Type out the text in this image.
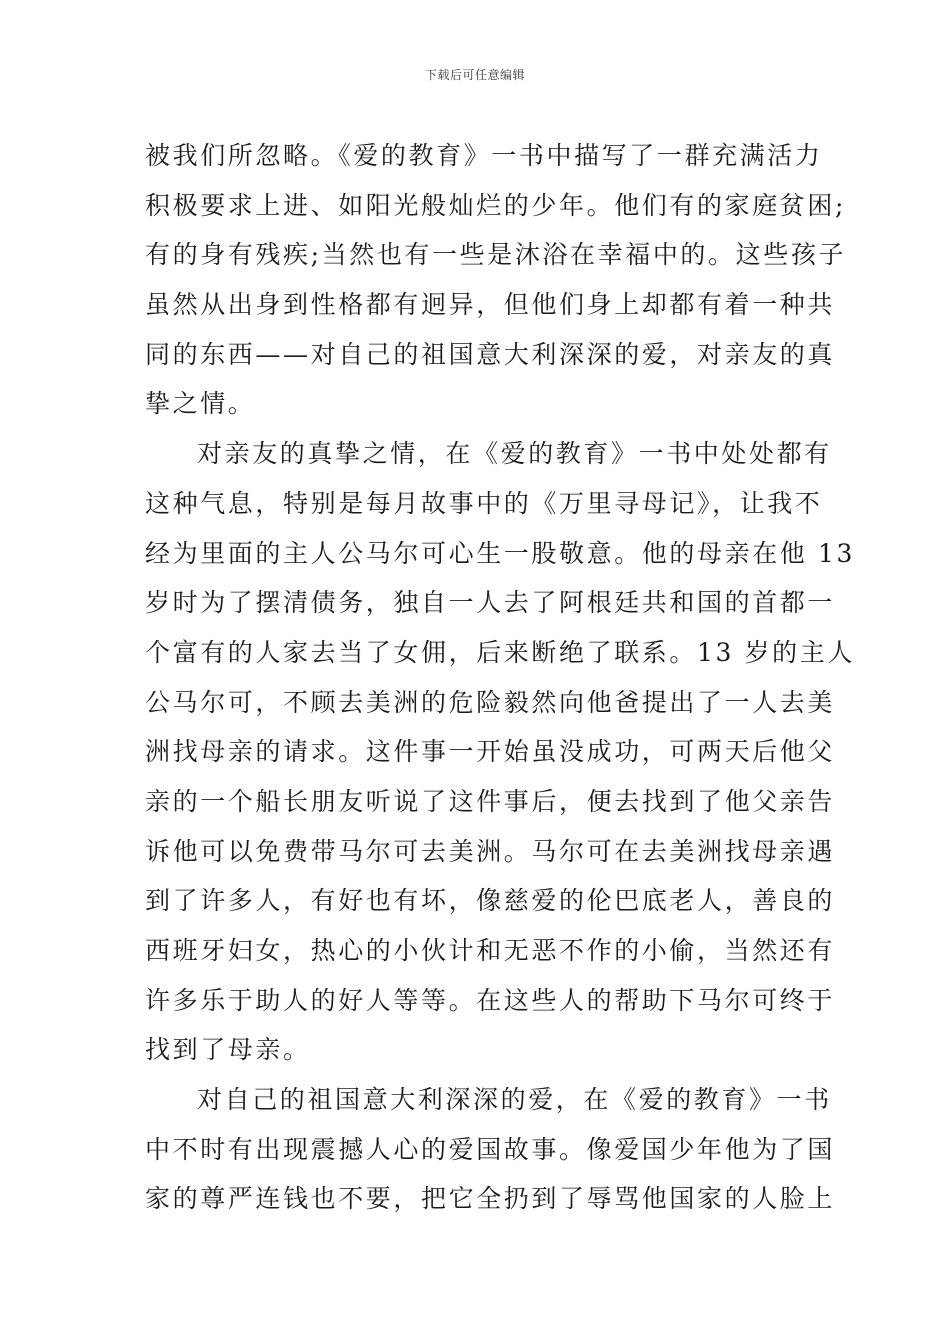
下载后可任意编辑

被我们所忽略。《爱的教育》一书中描写了一群充满活力
积极要求上进、如阳光般灿烂的少年。他们有的家庭贫困;
有的身有残疾;当然也有一些是沐浴在幸福中的。这些孩子
虽然从出身到性格都有迥异，但他们身上却都有着一种共
同的东西——对自己的祖国意大利深深的爱，对亲友的真
挚之情。

对亲友的真挚之情，在《爱的教育》一书中处处都有
这种气息，特别是每月故事中的《万里寻母记》，让我不
经为里面的主人公马尔可心生一股敬意。他的母亲在他 13
岁时为了摆清债务，独自一人去了阿根廷共和国的首都一
个富有的人家去当了女佣，后来断绝了联系。13 岁的主人
公马尔可，不顾去美洲的危险毅然向他爸提出了一人去美
洲找母亲的请求。这件事一开始虽没成功，可两天后他父
亲的一个船长朋友听说了这件事后，便去找到了他父亲告
诉他可以免费带马尔可去美洲。马尔可在去美洲找母亲遇
到了许多人，有好也有坏，像慈爱的伦巴底老人，善良的
西班牙妇女，热心的小伙计和无恶不作的小偷，当然还有
许多乐于助人的好人等等。在这些人的帮助下马尔可终于
找到了母亲。

对自己的祖国意大利深深的爱，在《爱的教育》一书
中不时有出现震撼人心的爱国故事。像爱国少年他为了国
家的尊严连钱也不要，把它全扔到了辱骂他国家的人脸上
